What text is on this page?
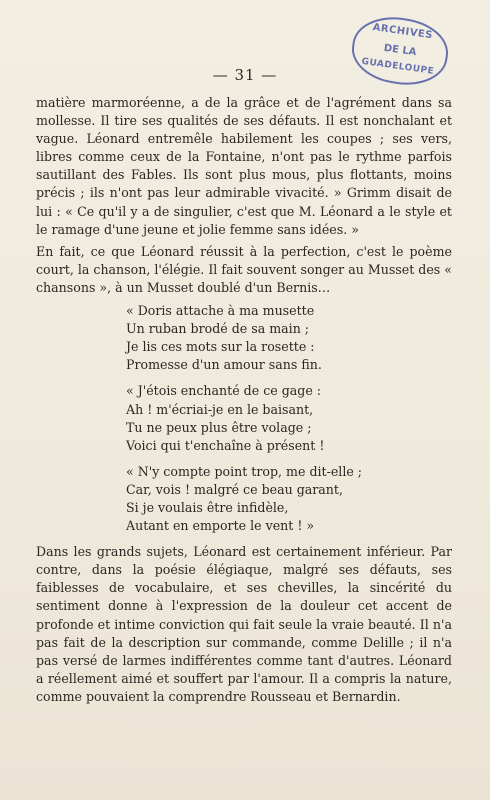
ARCHIVES
DE LA
GUADELOUPE
— 31 —

matière marmoréenne, a de la grâce et de l'agrément dans sa mollesse. Il tire ses qualités de ses défauts. Il est nonchalant et vague. Léonard entremêle habilement les coupes ; ses vers, libres comme ceux de la Fontaine, n'ont pas le rythme parfois sautillant des Fables. Ils sont plus mous, plus flottants, moins précis ; ils n'ont pas leur admirable vivacité. » Grimm disait de lui : « Ce qu'il y a de singulier, c'est que M. Léonard a le style et le ramage d'une jeune et jolie femme sans idées. »

En fait, ce que Léonard réussit à la perfection, c'est le poème court, la chanson, l'élégie. Il fait souvent songer au Musset des « chansons », à un Musset doublé d'un Bernis…

« Doris attache à ma musette
Un ruban brodé de sa main ;
Je lis ces mots sur la rosette :
Promesse d'un amour sans fin.
« J'étois enchanté de ce gage :
Ah ! m'écriai-je en le baisant,
Tu ne peux plus être volage ;
Voici qui t'enchaîne à présent !
« N'y compte point trop, me dit-elle ;
Car, vois ! malgré ce beau garant,
Si je voulais être infidèle,
Autant en emporte le vent ! »

Dans les grands sujets, Léonard est certainement inférieur. Par contre, dans la poésie élégiaque, malgré ses défauts, ses faiblesses de vocabulaire, et ses chevilles, la sincérité du sentiment donne à l'expression de la douleur cet accent de profonde et intime conviction qui fait seule la vraie beauté. Il n'a pas fait de la description sur commande, comme Delille ; il n'a pas versé de larmes indifférentes comme tant d'autres. Léonard a réellement aimé et souffert par l'amour. Il a compris la nature, comme pouvaient la comprendre Rousseau et Bernardin.
